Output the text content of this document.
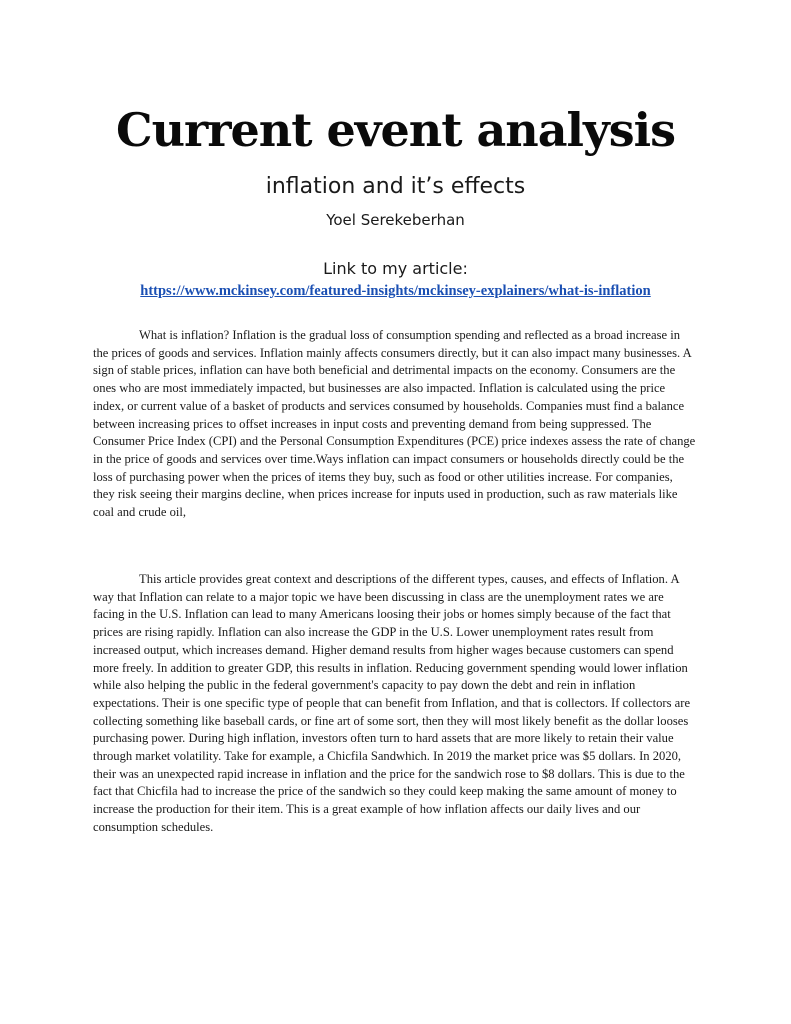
Current event analysis
inflation and it’s effects
Yoel Serekeberhan
Link to my article:
https://www.mckinsey.com/featured-insights/mckinsey-explainers/what-is-inflation

What is inflation? Inflation is the gradual loss of consumption spending and reflected as a broad increase in the prices of goods and services. Inflation mainly affects consumers directly, but it can also impact many businesses. A sign of stable prices, inflation can have both beneficial and detrimental impacts on the economy. Consumers are the ones who are most immediately impacted, but businesses are also impacted. Inflation is calculated using the price index, or current value of a basket of products and services consumed by households. Companies must find a balance between increasing prices to offset increases in input costs and preventing demand from being suppressed. The Consumer Price Index (CPI) and the Personal Consumption Expenditures (PCE) price indexes assess the rate of change in the price of goods and services over time.Ways inflation can impact consumers or households directly could be the loss of purchasing power when the prices of items they buy, such as food or other utilities increase. For companies, they risk seeing their margins decline, when prices increase for inputs used in production, such as raw materials like coal and crude oil,

This article provides great context and descriptions of the different types, causes, and effects of Inflation. A way that Inflation can relate to a major topic we have been discussing in class are the unemployment rates we are facing in the U.S. Inflation can lead to many Americans loosing their jobs or homes simply because of the fact that prices are rising rapidly. Inflation can also increase the GDP in the U.S. Lower unemployment rates result from increased output, which increases demand. Higher demand results from higher wages because customers can spend more freely. In addition to greater GDP, this results in inflation. Reducing government spending would lower inflation while also helping the public in the federal government's capacity to pay down the debt and rein in inflation expectations. Their is one specific type of people that can benefit from Inflation, and that is collectors. If collectors are collecting something like baseball cards, or fine art of some sort, then they will most likely benefit as the dollar looses purchasing power. During high inflation, investors often turn to hard assets that are more likely to retain their value through market volatility. Take for example, a Chicfila Sandwhich. In 2019 the market price was $5 dollars. In 2020, their was an unexpected rapid increase in inflation and the price for the sandwich rose to $8 dollars. This is due to the fact that Chicfila had to increase the price of the sandwich so they could keep making the same amount of money to increase the production for their item. This is a great example of how inflation affects our daily lives and our consumption schedules.
